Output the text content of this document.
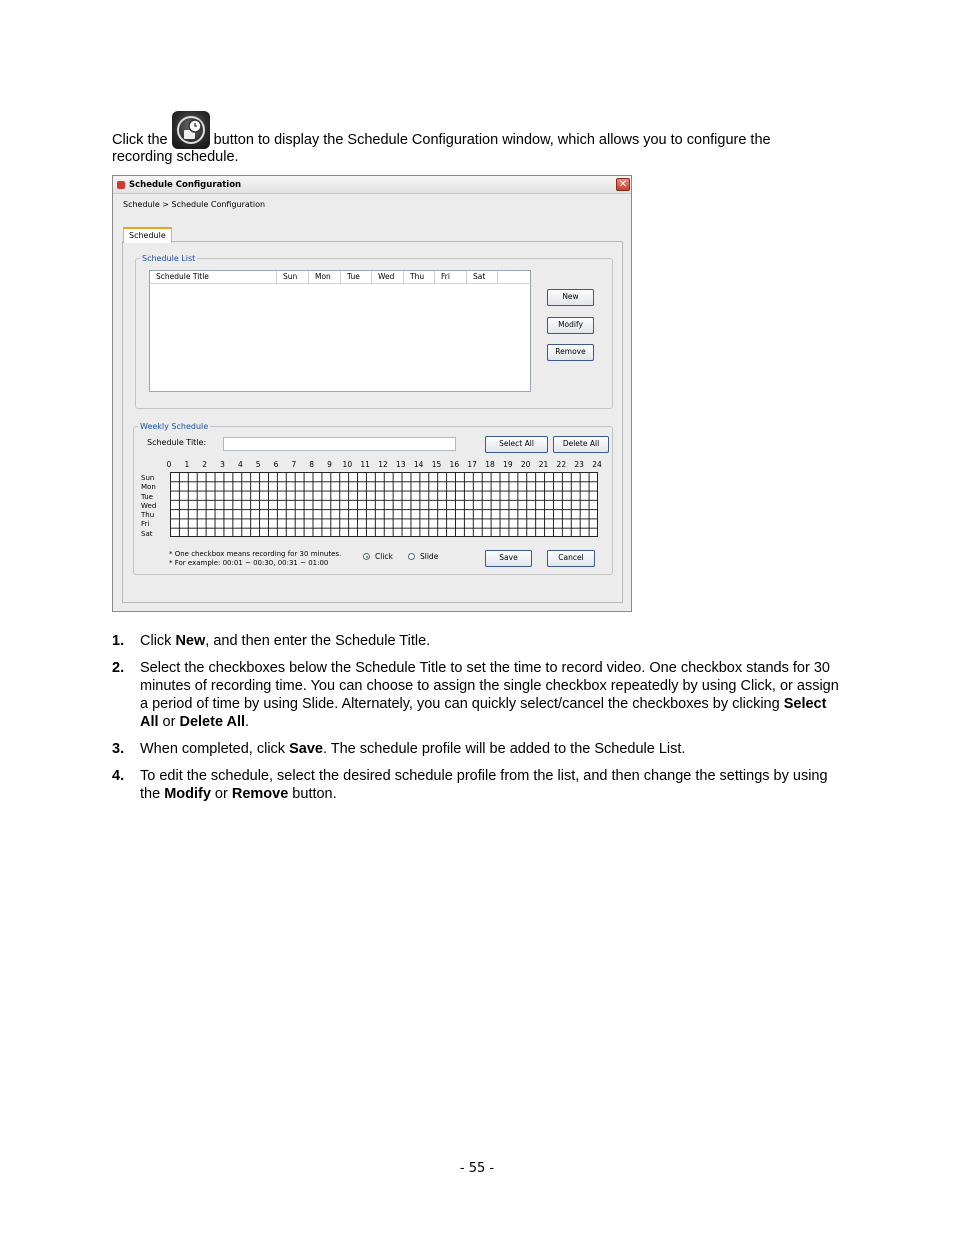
Click the	button to display the Schedule Configuration window, which allows you to configure the
recording schedule.
Schedule Configuration	✕
Schedule > Schedule Configuration
Schedule
Schedule List
Schedule Title	Sun	Mon	Tue	Wed	Thu	Fri	Sat
New
Modify
Remove
Weekly Schedule
Schedule Title:	Select All	Delete All
0 1 2 3 4 5 6 7 8 9 10 11 12 13 14 15 16 17 18 19 20 21 22 23 24
Sun
Mon
Tue
Wed
Thu
Fri
Sat
* One checkbox means recording for 30 minutes.
* For example: 00:01 ~ 00:30, 00:31 ~ 01:00
Click	Slide	Save	Cancel
1.	Click New, and then enter the Schedule Title.
2.	Select the checkboxes below the Schedule Title to set the time to record video. One checkbox stands for 30 minutes of recording time. You can choose to assign the single checkbox repeatedly by using Click, or assign a period of time by using Slide. Alternately, you can quickly select/cancel the checkboxes by clicking Select All or Delete All.
3.	When completed, click Save. The schedule profile will be added to the Schedule List.
4.	To edit the schedule, select the desired schedule profile from the list, and then change the settings by using the Modify or Remove button.
- 55 -
